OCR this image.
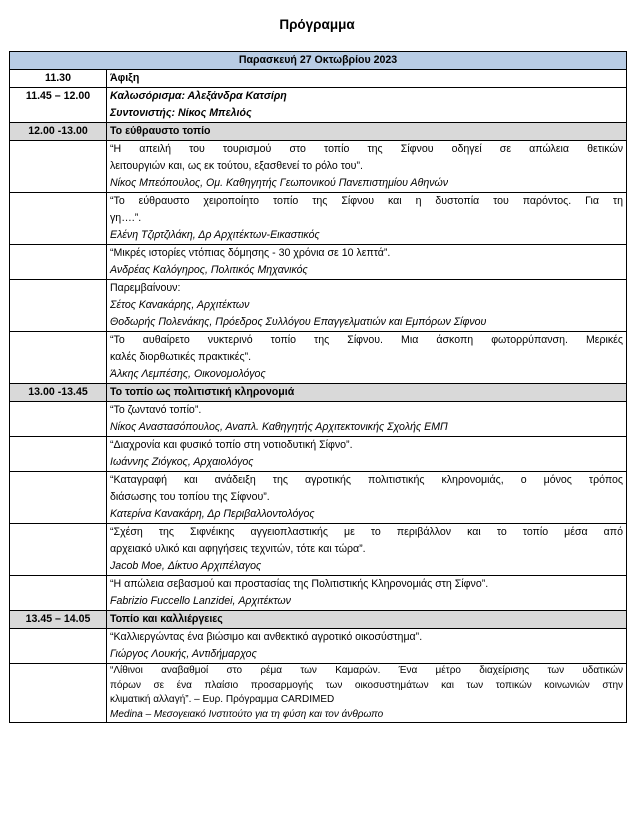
Πρόγραμμα
Παρασκευή 27 Οκτωβρίου 2023	
11.30	Άφιξη
11.45 – 12.00	Καλωσόρισμα: Αλεξάνδρα Κατσίρη
Συντονιστής: Νίκος Μπελιός

12.00 -13.00	Το εύθραυστο τοπίο

	“Η απειλή του τουρισμού στο τοπίο της Σίφνου οδηγεί σε απώλεια θετικών
λειτουργιών και, ως εκ τούτου, εξασθενεί το ρόλο του”.
Νίκος Μπεόπουλος, Ομ. Καθηγητής Γεωπονικού Πανεπιστημίου Αθηνών

	“Το εύθραυστο χειροποίητο τοπίο της Σίφνου και η δυστοπία του παρόντος. Για τη
γη….”.
Ελένη Τζιρτζιλάκη, Δρ Αρχιτέκτων-Εικαστικός

	“Μικρές ιστορίες ντόπιας δόμησης - 30 χρόνια σε 10 λεπτά”.
Ανδρέας Καλόγηρος, Πολιτικός Μηχανικός

	Παρεμβαίνουν:
Σέτος Κανακάρης, Αρχιτέκτων
Θοδωρής Πολενάκης, Πρόεδρος Συλλόγου Επαγγελματιών και Εμπόρων Σίφνου

	“Το αυθαίρετο νυκτερινό τοπίο της Σίφνου. Μια άσκοπη φωτορρύπανση. Μερικές
καλές διορθωτικές πρακτικές”.
Άλκης Λεμπέσης, Οικονομολόγος

13.00 -13.45	Το τοπίο ως πολιτιστική κληρονομιά

	“Το ζωντανό τοπίο”.
Νίκος Αναστασόπουλος, Αναπλ. Καθηγητής Αρχιτεκτονικής Σχολής ΕΜΠ

	“Διαχρονία και φυσικό τοπίο στη νοτιοδυτική Σίφνο”.
Ιωάννης Ζιόγκος, Αρχαιολόγος

	“Καταγραφή και ανάδειξη της αγροτικής πολιτιστικής κληρονομιάς, ο μόνος τρόπος
διάσωσης του τοπίου της Σίφνου”.
Κατερίνα Κανακάρη, Δρ Περιβαλλοντολόγος

	“Σχέση της Σιφνέικης αγγειοπλαστικής με το περιβάλλον και το τοπίο μέσα από
αρχειακό υλικό και αφηγήσεις τεχνιτών, τότε και τώρα”.
Jacob Moe, Δίκτυο Αρχιπέλαγος

	“Η απώλεια σεβασμού και προστασίας της Πολιτιστικής Κληρονομιάς στη Σίφνο”.
Fabrizio Fuccello Lanzidei, Αρχιτέκτων

13.45 – 14.05	Τοπίο και καλλιέργειες

	“Καλλιεργώντας ένα βιώσιμο και ανθεκτικό αγροτικό οικοσύστημα”.
Γιώργος Λουκής, Αντιδήμαρχος

	“Λίθινοι αναβαθμοί στο ρέμα των Καμαρών. Ένα μέτρο διαχείρισης των υδατικών
πόρων σε ένα πλαίσιο προσαρμογής των οικοσυστημάτων και των τοπικών κοινωνιών στην
κλιματική αλλαγή”. – Ευρ. Πρόγραμμα CARDIMED
Medina – Μεσογειακό Ινστιτούτο για τη φύση και τον άνθρωπο
